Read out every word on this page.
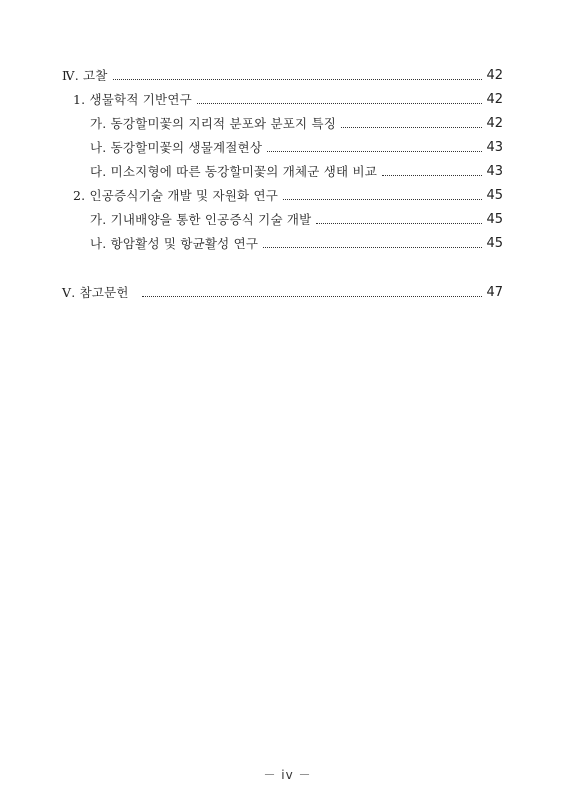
Ⅳ. 고찰	42
1. 생물학적 기반연구	42
가. 동강할미꽃의 지리적 분포와 분포지 특징	42
나. 동강할미꽃의 생물계절현상	43
다. 미소지형에 따른 동강할미꽃의 개체군 생태 비교	43
2. 인공증식기술 개발 및 자원화 연구	45
가. 기내배양을 통한 인공증식 기술 개발	45
나. 항암활성 및 항균활성 연구	45
Ⅴ. 참고문헌	47
－ iv －
